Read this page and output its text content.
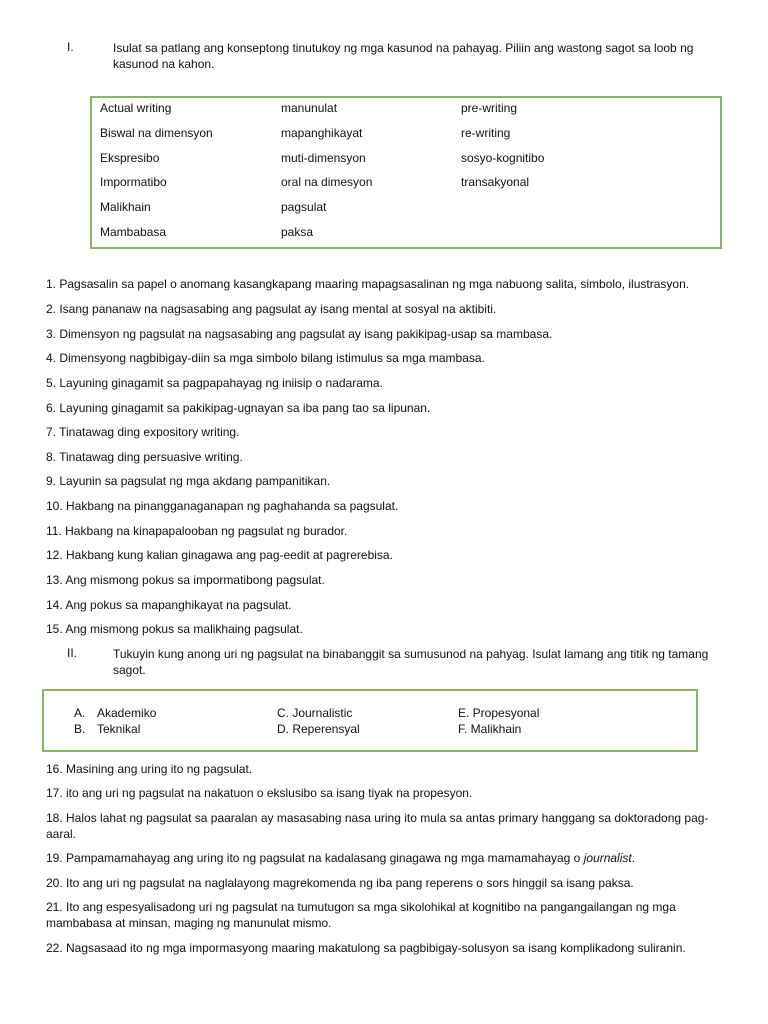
I.	Isulat sa patlang ang konseptong tinutukoy ng mga kasunod na pahayag. Piliin ang wastong sagot sa loob ng kasunod na kahon.
Actual writing
Biswal na dimensyon
Ekspresibo
Impormatibo
Malikhain
Mambabasa
manunulat
mapanghikayat
muti-dimensyon
oral na dimesyon
pagsulat
paksa
pre-writing
re-writing
sosyo-kognitibo
transakyonal
1. Pagsasalin sa papel o anomang kasangkapang maaring mapagsasalinan ng mga nabuong salita, simbolo, ilustrasyon.
2. Isang pananaw na nagsasabing ang pagsulat ay isang mental at sosyal na aktibiti.
3. Dimensyon ng pagsulat na nagsasabing ang pagsulat ay isang pakikipag-usap sa mambasa.
4. Dimensyong nagbibigay-diin sa mga simbolo bilang istimulus sa mga mambasa.
5. Layuning ginagamit sa pagpapahayag ng iniisip o nadarama.
6. Layuning ginagamit sa pakikipag-ugnayan sa iba pang tao sa lipunan.
7. Tinatawag ding expository writing.
8. Tinatawag ding persuasive writing.
9. Layunin sa pagsulat ng mga akdang pampanitikan.
10. Hakbang na pinangganaganapan ng paghahanda sa pagsulat.
11. Hakbang na kinapapalooban ng pagsulat ng burador.
12. Hakbang kung kalian ginagawa ang pag-eedit at pagrerebisa.
13. Ang mismong pokus sa impormatibong pagsulat.
14. Ang pokus sa mapanghikayat na pagsulat.
15. Ang mismong pokus sa malikhaing pagsulat.
II.	Tukuyin kung anong uri ng pagsulat na binabanggit sa sumusunod na pahyag. Isulat lamang ang titik ng tamang sagot.
A. Akademiko
B. Teknikal
C. Journalistic
D. Reperensyal
E. Propesyonal
F. Malikhain
16. Masining ang uring ito ng pagsulat.
17. ito ang uri ng pagsulat na nakatuon o ekslusibo sa isang tiyak na propesyon.
18. Halos lahat ng pagsulat sa paaralan ay masasabing nasa uring ito mula sa antas primary hanggang sa doktoradong pag-aaral.
19. Pampamamahayag ang uring ito ng pagsulat na kadalasang ginagawa ng mga mamamahayag o journalist.
20. Ito ang uri ng pagsulat na naglalayong magrekomenda ng iba pang reperens o sors hinggil sa isang paksa.
21. Ito ang espesyalisadong uri ng pagsulat na tumutugon sa mga sikolohikal at kognitibo na pangangailangan ng mga mambabasa at minsan, maging ng manunulat mismo.
22. Nagsasaad ito ng mga impormasyong maaring makatulong sa pagbibigay-solusyon sa isang komplikadong suliranin.
